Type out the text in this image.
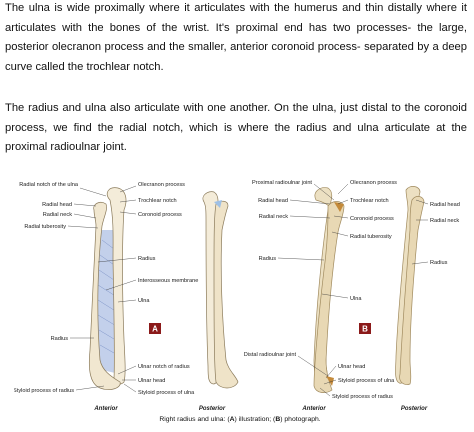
The ulna is wide proximally where it articulates with the humerus and thin distally where it articulates with the bones of the wrist. It's proximal end has two processes- the large, posterior olecranon process and the smaller, anterior coronoid process- separated by a deep curve called the trochlear notch.

The radius and ulna also articulate with one another. On the ulna, just distal to the coronoid process, we find the radial notch, which is where the radius and ulna articulate at the proximal radioulnar joint.

A
Radial notch of the ulna
Radial head
Radial neck
Radial tuberosity
Olecranon process
Trochlear notch
Coronoid process
Radius
Interosseous membrane
Ulna
Radius
Ulnar notch of radius
Ulnar head
Styloid process of ulna
Styloid process of radius
Anterior	Posterior
B
Proximal radioulnar joint
Radial head
Radial neck
Olecranon process
Trochlear notch
Coronoid process
Radial tuberosity
Radius
Ulna
Radial head
Radial neck
Radius
Distal radioulnar joint
Ulnar head
Styloid process of ulna
Styloid process of radius
Anterior	Posterior
Right radius and ulna: (A) illustration; (B) photograph.
